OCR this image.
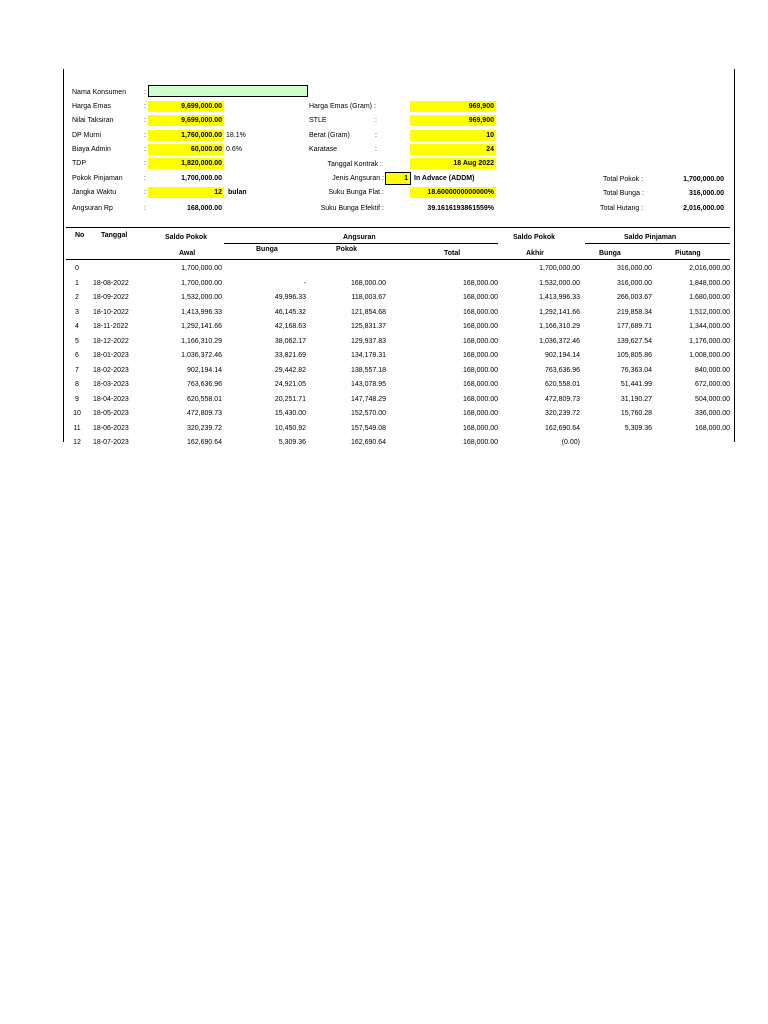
Nama Konsumen	:
Harga Emas	:	9,699,000.00
Nilai Taksiran	:	9,699,000.00
DP Murni	:	1,760,000.00 18.1%
Biaya Admin	:	60,000.00 0.6%
TDP	:	1,820,000.00
Pokok Pinjaman	:	1,700,000.00
Jangka Waktu	:	12 bulan
Angsuran Rp	:	168,000.00
Harga Emas (Gram) :	969,900
STLE	:	969,900
Berat (Gram)	:	10
Karatase	:	24
Tanggal Kontrak :	18 Aug 2022
Jenis Angsuran :	1 In Advace (ADDM)
Suku Bunga Flat :	18.6000000000000%
Suku Bunga Efektif :	39.1616193861559%
Total Pokok :	1,700,000.00
Total Bunga :	316,000.00
Total Hutang :	2,016,000.00
No Tanggal	Saldo Pokok	Angsuran	Saldo Pokok	Saldo Pinjaman
Awal
Bunga	Pokok
Total	Akhir	Bunga	Piutang
0		1,700,000.00				1,700,000.00	316,000.00	2,016,000.00
1	18-08-2022	1,700,000.00	-	168,000.00	168,000.00	1,532,000.00	316,000.00	1,848,000.00
2	18-09-2022	1,532,000.00	49,996.33	118,003.67	168,000.00	1,413,996.33	266,003.67	1,680,000.00
3	18-10-2022	1,413,996.33	46,145.32	121,854.68	168,000.00	1,292,141.66	219,858.34	1,512,000.00
4	18-11-2022	1,292,141.66	42,168.63	125,831.37	168,000.00	1,166,310.29	177,689.71	1,344,000.00
5	18-12-2022	1,166,310.29	38,062.17	129,937.83	168,000.00	1,036,372.46	139,627.54	1,176,000.00
6	18-01-2023	1,036,372.46	33,821.69	134,178.31	168,000.00	902,194.14	105,805.86	1,008,000.00
7	18-02-2023	902,194.14	29,442.82	138,557.18	168,000.00	763,636.96	76,363.04	840,000.00
8	18-03-2023	763,636.96	24,921.05	143,078.95	168,000.00	620,558.01	51,441.99	672,000.00
9	18-04-2023	620,558.01	20,251.71	147,748.29	168,000.00	472,809.73	31,190.27	504,000.00
10	18-05-2023	472,809.73	15,430.00	152,570.00	168,000.00	320,239.72	15,760.28	336,000.00
11	18-06-2023	320,239.72	10,450.92	157,549.08	168,000.00	162,690.64	5,309.36	168,000.00
12	18-07-2023	162,690.64	5,309.36	162,690.64	168,000.00	(0.00)		
